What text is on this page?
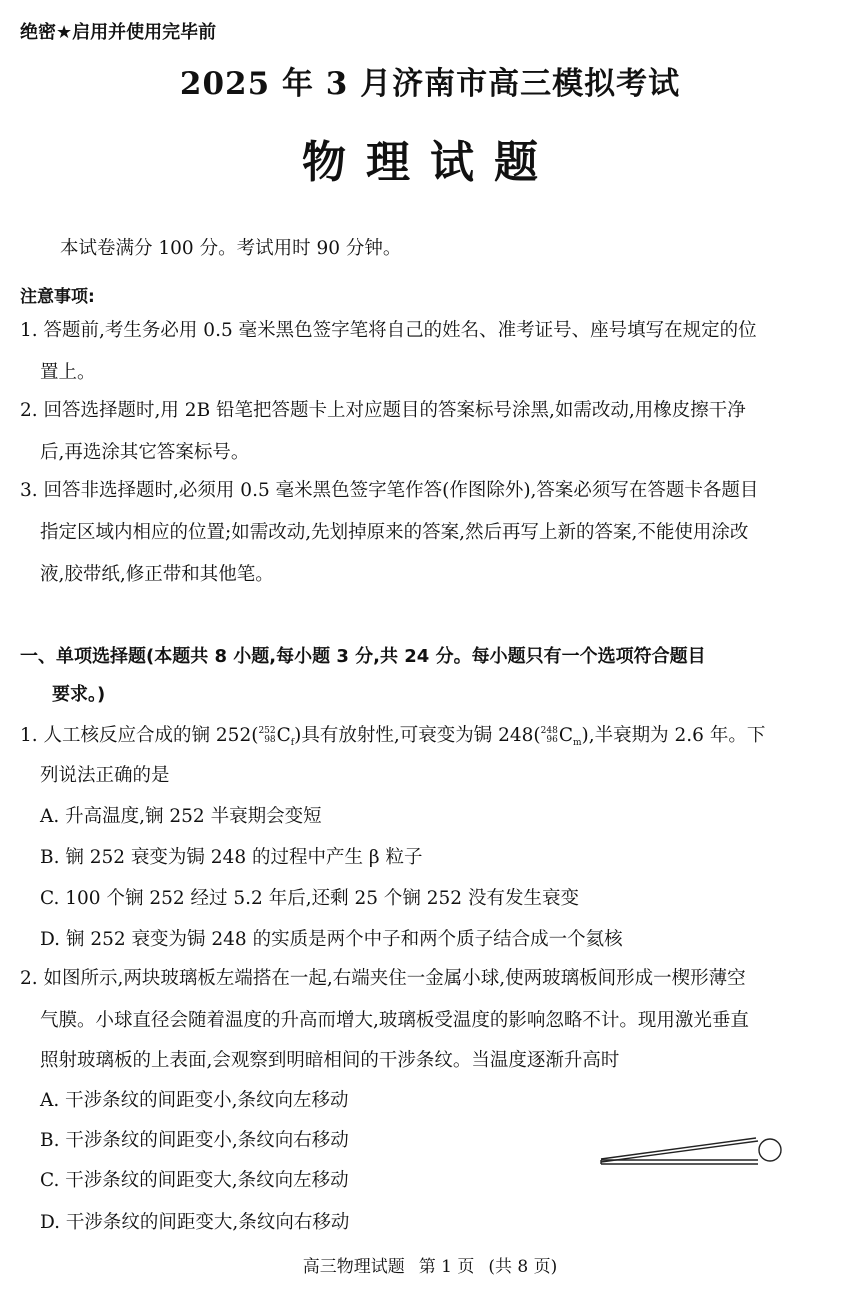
绝密★启用并使用完毕前
2025 年 3 月济南市高三模拟考试
物理试题
本试卷满分 100 分。考试用时 90 分钟。
注意事项:
1. 答题前,考生务必用 0.5 毫米黑色签字笔将自己的姓名、准考证号、座号填写在规定的位
置上。
2. 回答选择题时,用 2B 铅笔把答题卡上对应题目的答案标号涂黑,如需改动,用橡皮擦干净
后,再选涂其它答案标号。
3. 回答非选择题时,必须用 0.5 毫米黑色签字笔作答(作图除外),答案必须写在答题卡各题目
指定区域内相应的位置;如需改动,先划掉原来的答案,然后再写上新的答案,不能使用涂改
液,胶带纸,修正带和其他笔。
一、单项选择题(本题共 8 小题,每小题 3 分,共 24 分。每小题只有一个选项符合题目
要求。)
1. 人工核反应合成的锎 252( 252
98 $C_f$)具有放射性,可衰变为锔 248( 248
96 $C_m$),半衰期为 2.6 年。下
列说法正确的是
A. 升高温度,锎 252 半衰期会变短
B. 锎 252 衰变为锔 248 的过程中产生 β 粒子
C. 100 个锎 252 经过 5.2 年后,还剩 25 个锎 252 没有发生衰变
D. 锎 252 衰变为锔 248 的实质是两个中子和两个质子结合成一个氦核
2. 如图所示,两块玻璃板左端搭在一起,右端夹住一金属小球,使两玻璃板间形成一楔形薄空
气膜。小球直径会随着温度的升高而增大,玻璃板受温度的影响忽略不计。现用激光垂直
照射玻璃板的上表面,会观察到明暗相间的干涉条纹。当温度逐渐升高时
A. 干涉条纹的间距变小,条纹向左移动
B. 干涉条纹的间距变小,条纹向右移动
C. 干涉条纹的间距变大,条纹向左移动
D. 干涉条纹的间距变大,条纹向右移动
高三物理试题 第 1 页 (共 8 页)
